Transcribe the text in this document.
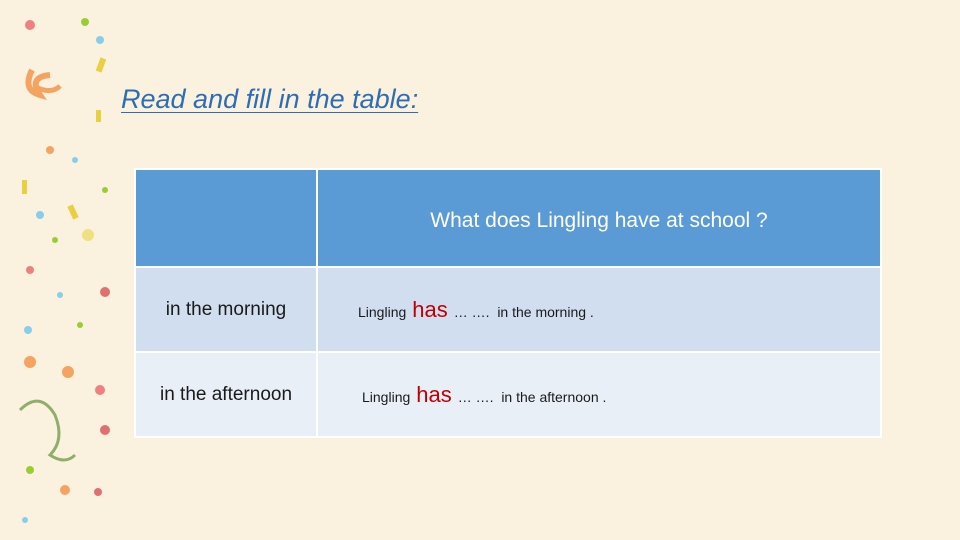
Read and fill in the table:
	What does Lingling have at school ?
in the morning	Lingling has … …. in the morning .
in the afternoon	Lingling has … …. in the afternoon .
